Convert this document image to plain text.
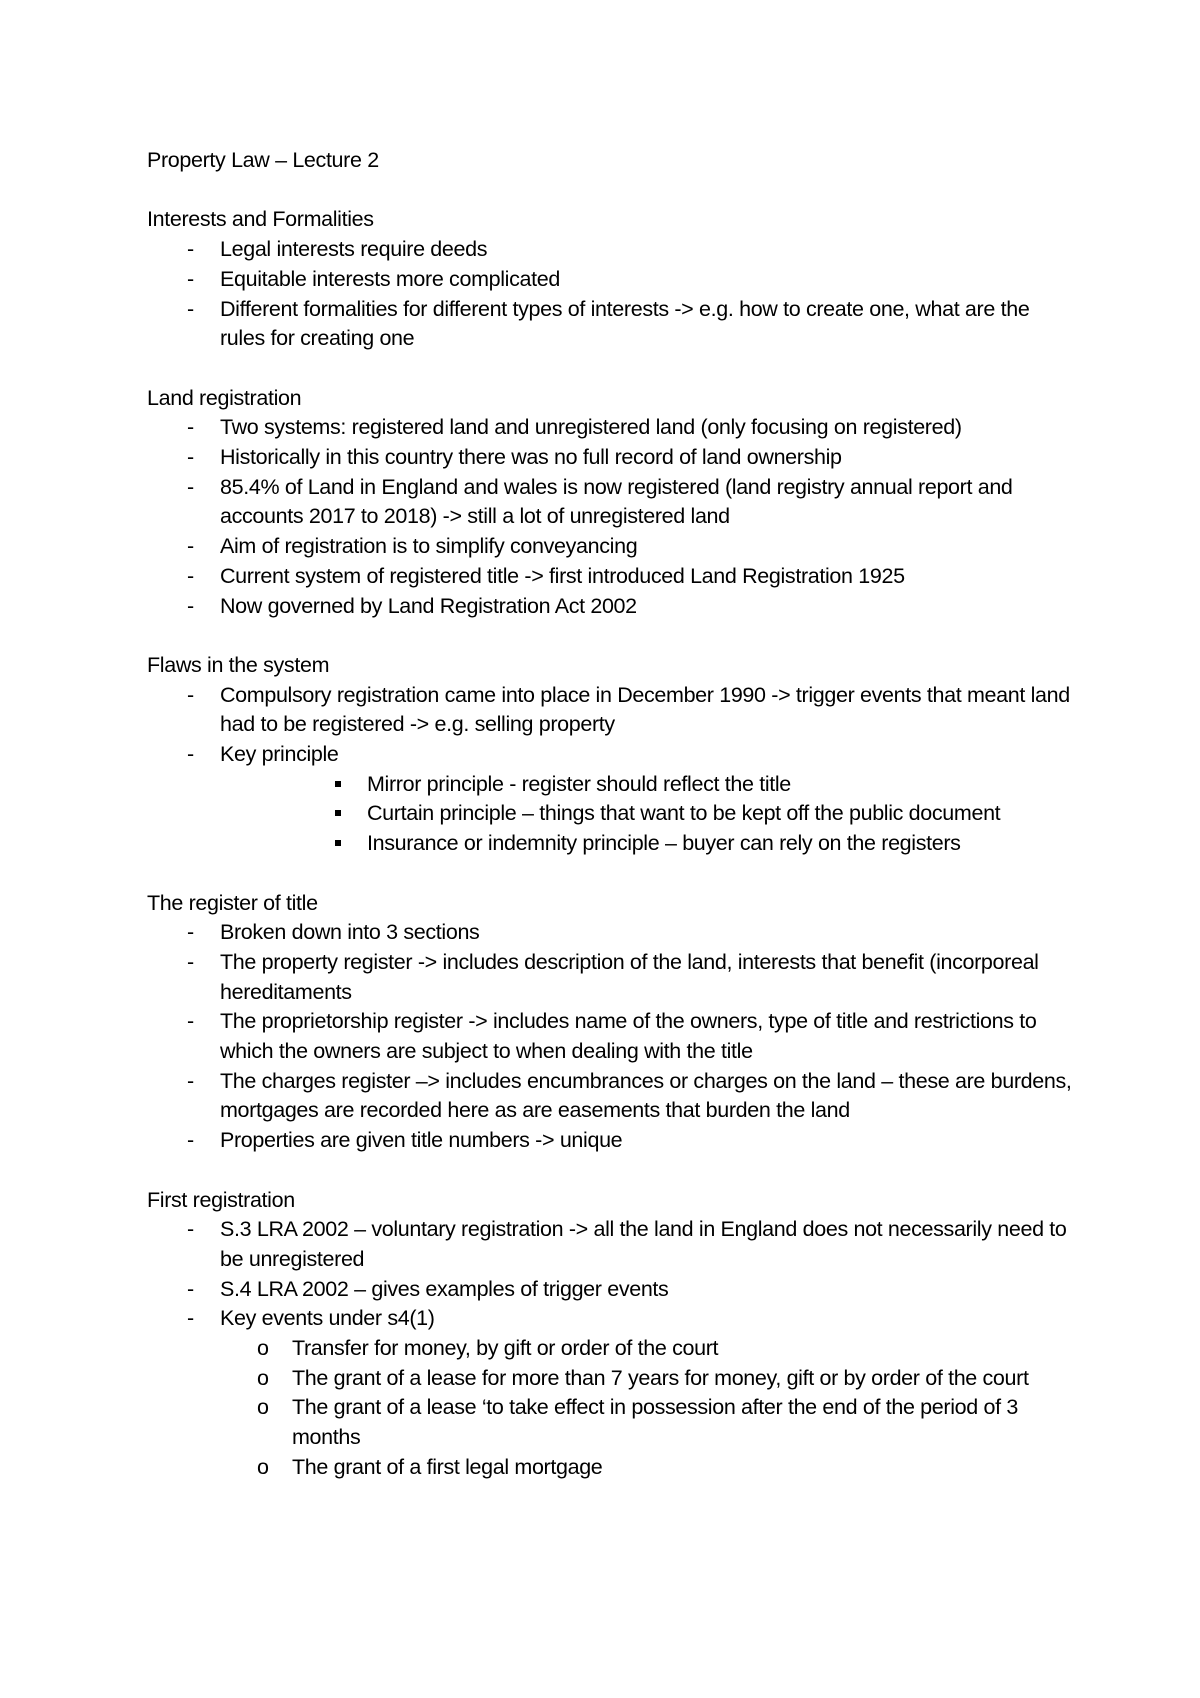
Property Law – Lecture 2

Interests and Formalities

- Legal interests require deeds
- Equitable interests more complicated
- Different formalities for different types of interests -> e.g. how to create one, what are the rules for creating one

Land registration

- Two systems: registered land and unregistered land (only focusing on registered)
- Historically in this country there was no full record of land ownership
- 85.4% of Land in England and wales is now registered (land registry annual report and accounts 2017 to 2018) -> still a lot of unregistered land
- Aim of registration is to simplify conveyancing
- Current system of registered title -> first introduced Land Registration 1925
- Now governed by Land Registration Act 2002

Flaws in the system

- Compulsory registration came into place in December 1990 -> trigger events that meant land had to be registered -> e.g. selling property
- Key principle
Mirror principle - register should reflect the title
Curtain principle – things that want to be kept off the public document
Insurance or indemnity principle – buyer can rely on the registers

The register of title

- Broken down into 3 sections
- The property register -> includes description of the land, interests that benefit (incorporeal hereditaments
- The proprietorship register -> includes name of the owners, type of title and restrictions to which the owners are subject to when dealing with the title
- The charges register –> includes encumbrances or charges on the land – these are burdens, mortgages are recorded here as are easements that burden the land
- Properties are given title numbers -> unique

First registration

- S.3 LRA 2002 – voluntary registration -> all the land in England does not necessarily need to be unregistered
- S.4 LRA 2002 – gives examples of trigger events
- Key events under s4(1)
o Transfer for money, by gift or order of the court
o The grant of a lease for more than 7 years for money, gift or by order of the court
o The grant of a lease ‘to take effect in possession after the end of the period of 3 months
o The grant of a first legal mortgage
